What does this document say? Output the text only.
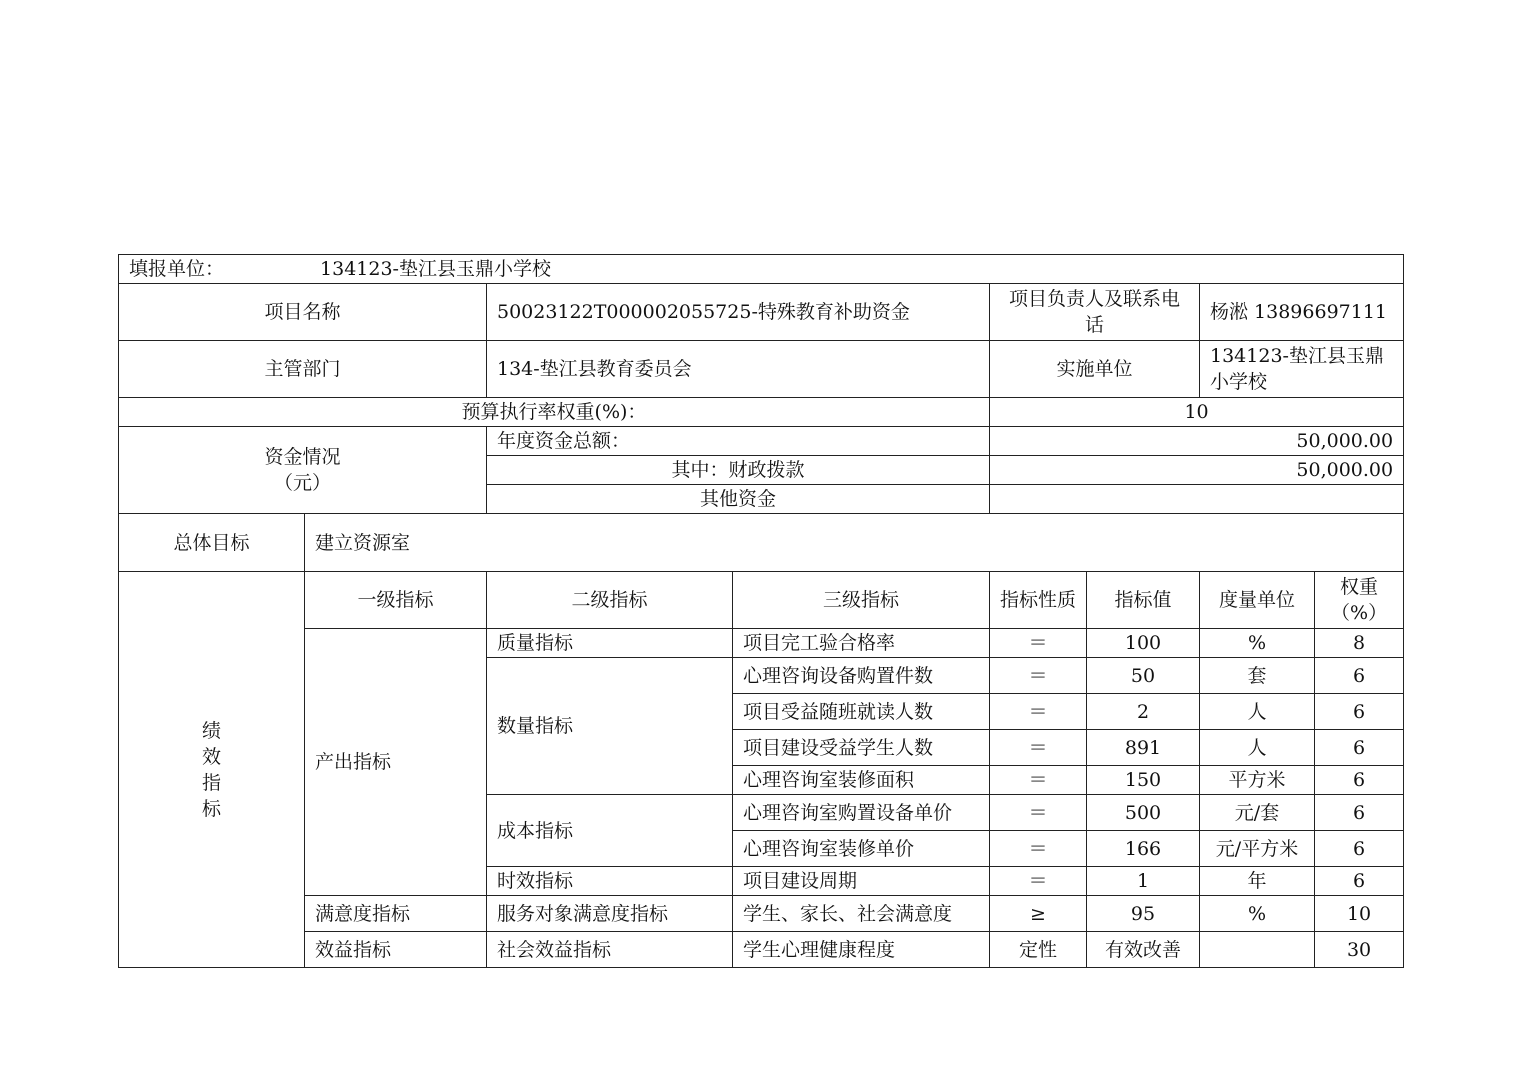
填报单位： 134123-垫江县玉鼎小学校							
项目名称		50023122T000002055725-特殊教育补助资金		项目负责人及联系电话		杨淞 13896697111	
主管部门		134-垫江县教育委员会		实施单位		134123-垫江县玉鼎小学校	
预算执行率权重(%)：				10			

资金情况
（元）		年度资金总额：		50,000.00			
		其中：财政拨款		50,000.00			
		其他资金					
总体目标	建立资源室						

绩
效
指
标	一级指标	二级指标	三级指标	指标性质	指标值	度量单位	权重
（%）

	产出指标	质量指标	项目完工验合格率	＝	100	%	8
		数量指标	心理咨询设备购置件数	＝	50	套	6
			项目受益随班就读人数	＝	2	人	6
			项目建设受益学生人数	＝	891	人	6
			心理咨询室装修面积	＝	150	平方米	6
		成本指标	心理咨询室购置设备单价	＝	500	元/套	6
			心理咨询室装修单价	＝	166	元/平方米	6
		时效指标	项目建设周期	＝	1	年	6
	满意度指标	服务对象满意度指标	学生、家长、社会满意度	≥	95	%	10
	效益指标	社会效益指标	学生心理健康程度	定性	有效改善		30
